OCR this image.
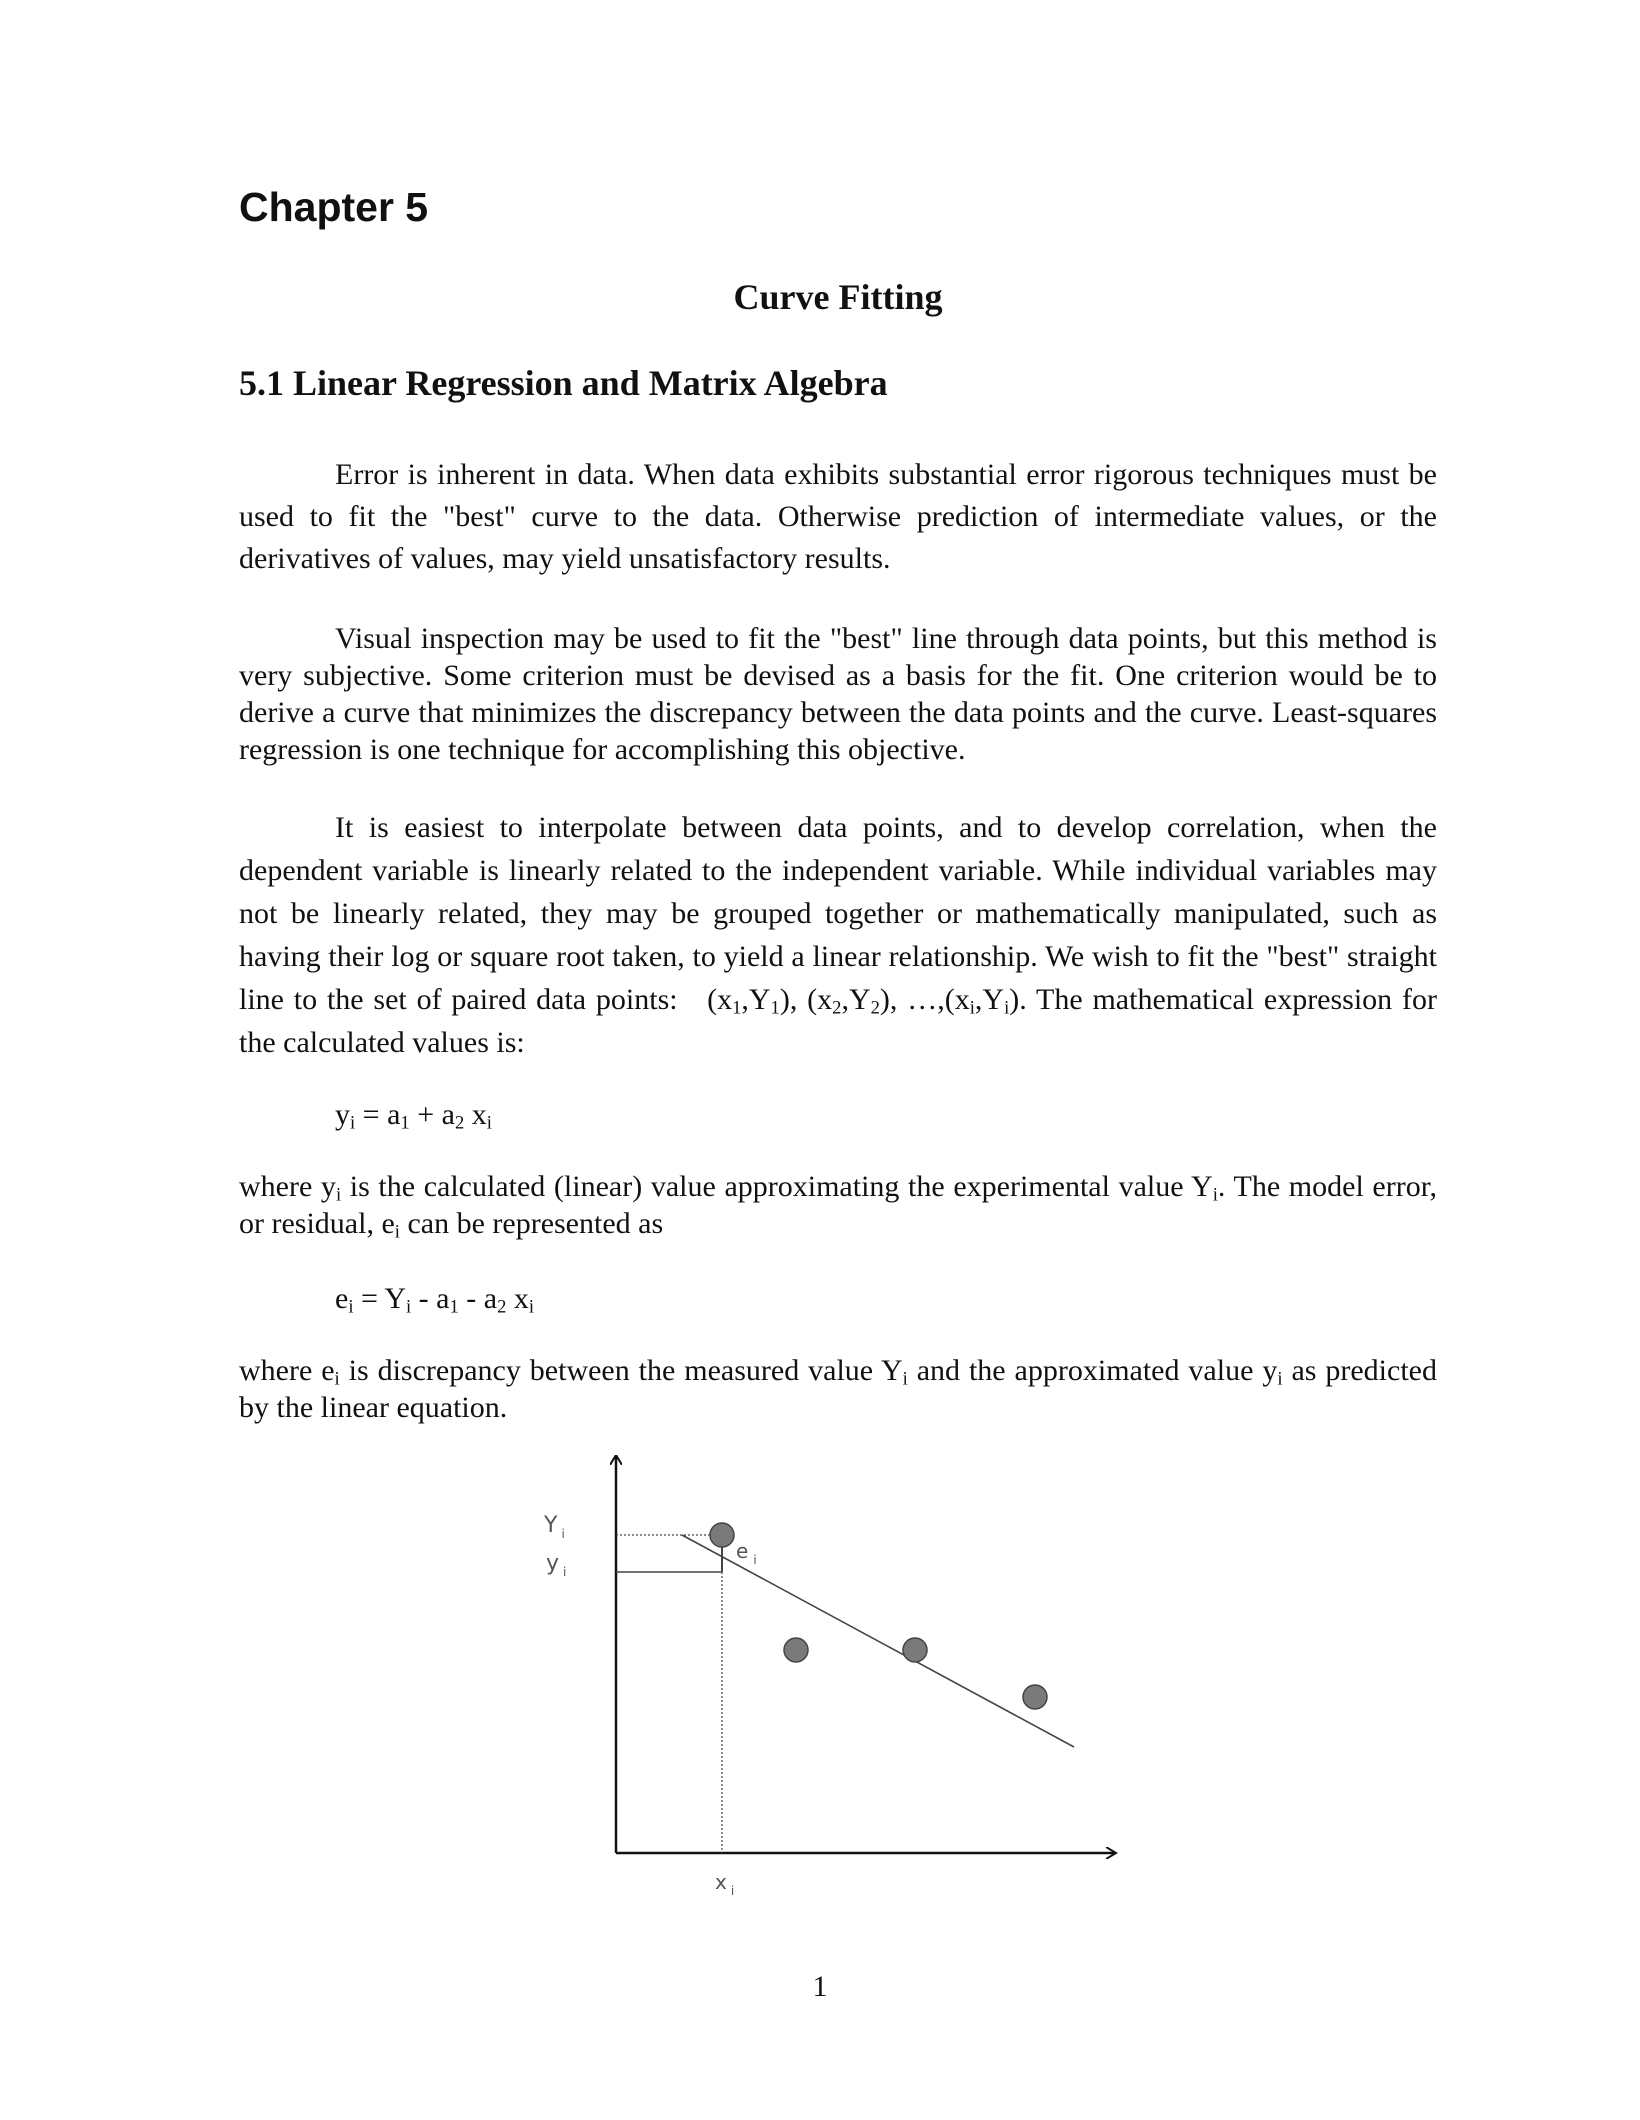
Chapter 5
Curve Fitting
5.1 Linear Regression and Matrix Algebra

Error is inherent in data. When data exhibits substantial error rigorous techniques must be used to fit the "best" curve to the data. Otherwise prediction of intermediate values, or the derivatives of values, may yield unsatisfactory results.

Visual inspection may be used to fit the "best" line through data points, but this method is very subjective. Some criterion must be devised as a basis for the fit. One criterion would be to derive a curve that minimizes the discrepancy between the data points and the curve. Least-squares regression is one technique for accomplishing this objective.

It is easiest to interpolate between data points, and to develop correlation, when the dependent variable is linearly related to the independent variable. While individual variables may not be linearly related, they may be grouped together or mathematically manipulated, such as having their log or square root taken, to yield a linear relationship. We wish to fit the "best" straight line to the set of paired data points: $(x_1,Y_1)$, $(x_2,Y_2)$, $\dots,(x_i,Y_i)$. The mathematical expression for the calculated values is:

$y_i = a_1 + a_2$ $x_i$

where $y_i$ is the calculated (linear) value approximating the experimental value $Y_i$. The model error, or residual, $e_i$ can be represented as

$e_i = Y_i - a_1 - a_2$ $x_i$

where $e_i$ is discrepancy between the measured value $Y_i$ and the approximated value $y_i$ as predicted by the linear equation.

Y $_i$
y $_i$
e $_i$
x $_i$

1
